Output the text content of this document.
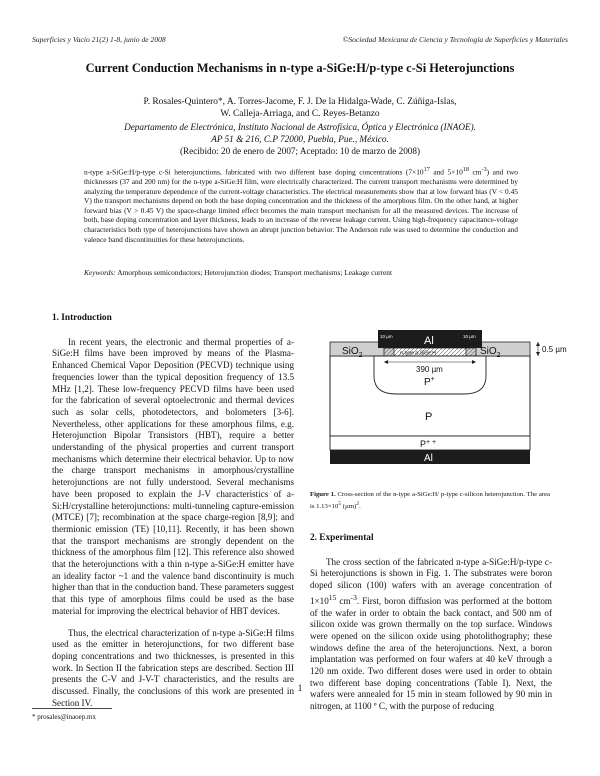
Superficies y Vacío 21(2) 1-8, junio de 2008	©Sociedad Mexicana de Ciencia y Tecnología de Superficies y Materiales
Current Conduction Mechanisms in n-type a-SiGe:H/p-type c-Si Heterojunctions
P. Rosales-Quintero*, A. Torres-Jacome, F. J. De la Hidalga-Wade, C. Zúñiga-Islas,
W. Calleja-Arriaga, and C. Reyes-Betanzo
Departamento de Electrónica, Instituto Nacional de Astrofísica, Óptica y Electrónica (INAOE).
AP 51 & 216, C.P 72000, Puebla, Pue., México.
(Recibido: 20 de enero de 2007; Aceptado: 10 de marzo de 2008)
n-type a-SiGe:H/p-type c-Si heterojunctions, fabricated with two different base doping concentrations ($7\times 10^{17}$ and $5\times 10^{18}$ $cm^{-3}$) and two thicknesses (37 and 200 nm) for the n-type a-SiGe:H film, were electrically characterized. The current transport mechanisms were determined by analyzing the temperature dependence of the current-voltage characteristics. The electrical measurements show that at low forward bias (V < 0.45 V) the transport mechanisms depend on both the base doping concentration and the thickness of the amorphous film. On the other hand, at higher forward bias (V > 0.45 V) the space-charge limited effect becomes the main transport mechanism for all the measured devices. The increase of both, base doping concentration and layer thickness, leads to an increase of the reverse leakage current. Using high-frequency capacitance-voltage characteristics both type of heterojunctions have shown an abrupt junction behavior. The Anderson rule was used to determine the conduction and valence band discontinuities for these heterojunctions.
Keywords: Amorphous semiconductors; Heterojunction diodes; Transport mechanisms; Leakage current
1. Introduction

In recent years, the electronic and thermal properties of a-SiGe:H films have been improved by means of the Plasma-Enhanced Chemical Vapor Deposition (PECVD) technique using frequencies lower than the typical deposition frequency of 13.5 MHz [1,2]. These low-frequency PECVD films have been used for the fabrication of several optoelectronic and thermal devices such as solar cells, photodetectors, and bolometers [3-6]. Nevertheless, other applications for these amorphous films, e.g. Heterojunction Bipolar Transistors (HBT), require a better understanding of the physical properties and current transport mechanisms which determine their electrical behavior. Up to now the charge transport mechanisms in amorphous/crystalline heterojunctions are not fully understood. Several mechanisms have been proposed to explain the J-V characteristics of a-Si:H/crystalline heterojunctions: multi-tunneling capture-emission (MTCE) [7]; recombination at the space charge-region [8,9]; and thermionic emission (TE) [10,11]. Recently, it has been shown that the transport mechanisms are strongly dependent on the thickness of the amorphous film [12]. This reference also showed that the heterojunctions with a thin n-type a-SiGe:H emitter have an ideality factor ~1 and the valence band discontinuity is much higher than that in the conduction band. These parameters suggest that this type of amorphous films could be used as the base material for improving the electrical behavior of HBT devices.

Thus, the electrical characterization of n-type a-SiGe:H films used as the emitter in heterojunctions, for two different base doping concentrations and two thicknesses, is presented in this work. In Section II the fabrication steps are described. Section III presents the C-V and J-V-T characteristics, and the results are discussed. Finally, the conclusions of this work are presented in Section IV.

Al
SiO$_2$	SiO$_2$
n-type a-SiGe:H
10 µm	10 µm
390 µm
0.5 µm
P+
P
P+ +
Al
Figure 1. Cross-section of the n-type a-SiGe:H/ p-type c-silicon heterojunction. The area is $1.13\times 10^5$ $(\mu m)^2$.
2. Experimental

The cross section of the fabricated n-type a-SiGe:H/p-type c-Si heterojunctions is shown in Fig. 1. The substrates were boron doped silicon (100) wafers with an average concentration of $1\times 10^{15}$ $cm^{-3}$. First, boron diffusion was performed at the bottom of the wafer in order to obtain the back contact, and 500 nm of silicon oxide was grown thermally on the top surface. Windows were opened on the silicon oxide using photolithography; these windows define the area of the heterojunctions. Next, a boron implantation was performed on four wafers at 40 keV through a 120 nm oxide. Two different doses were used in order to obtain two different base doping concentrations (Table I). Next, the wafers were annealed for 15 min in steam followed by 90 min in nitrogen, at 1100 º C, with the purpose of reducing

1
* prosales@inaoep.mx
